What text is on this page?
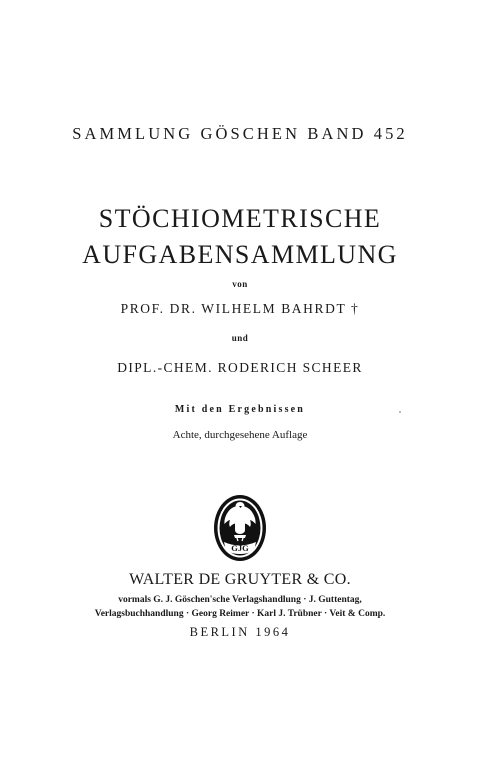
SAMMLUNG GÖSCHEN BAND 452
STÖCHIOMETRISCHE
AUFGABENSAMMLUNG
von
PROF. DR. WILHELM BAHRDT †
und
DIPL.-CHEM. RODERICH SCHEER
Mit den Ergebnissen
Achte, durchgesehene Auflage
GJG
WALTER DE GRUYTER & CO.
vormals G. J. Göschen'sche Verlagshandlung · J. Guttentag,
Verlagsbuchhandlung · Georg Reimer · Karl J. Trübner · Veit & Comp.
BERLIN 1964
